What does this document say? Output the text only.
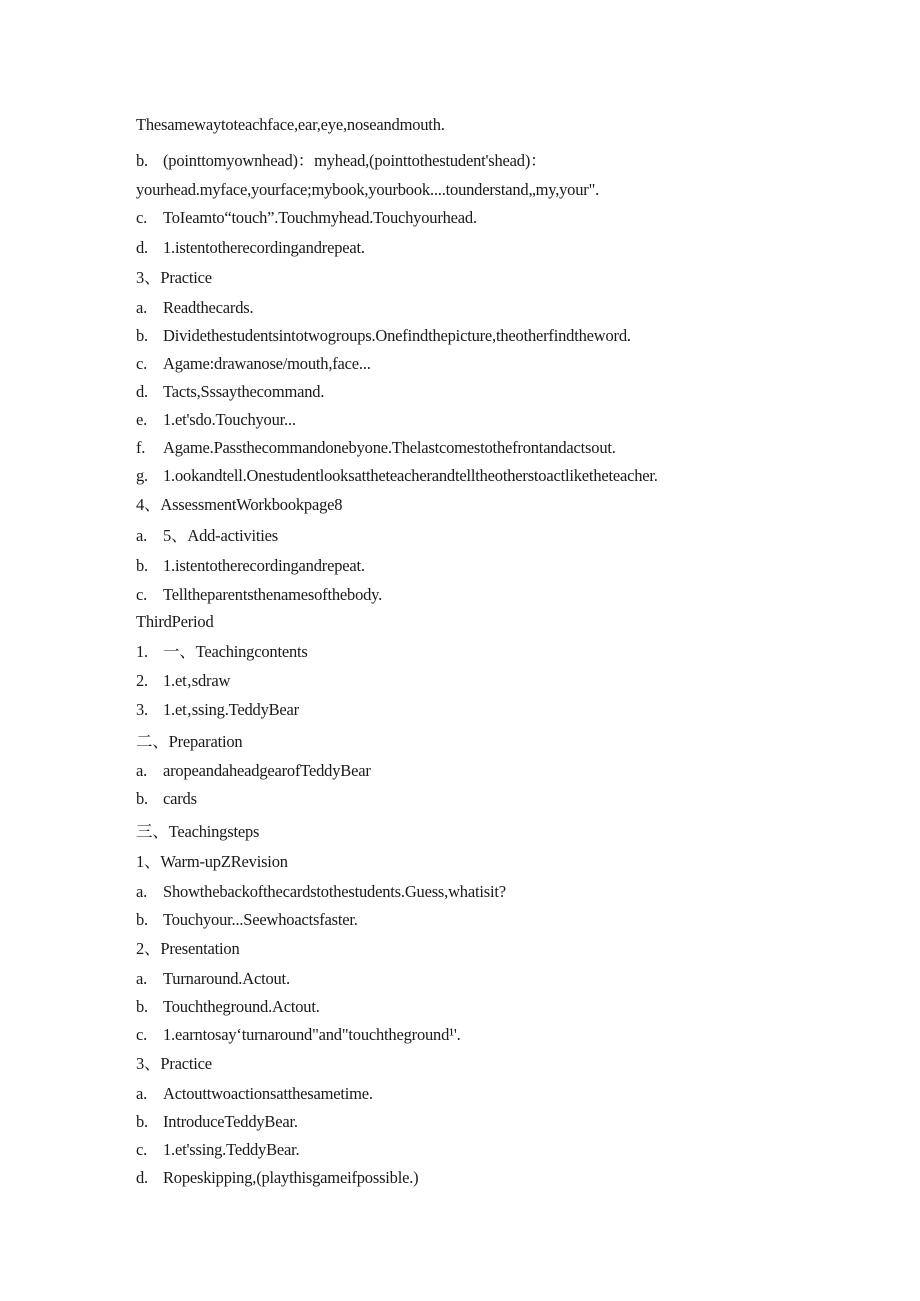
Thesamewaytoteachface,ear,eye,noseandmouth.
b. (pointtomyownhead)：myhead,(pointtothestudent'shead)：
yourhead.myface,yourface;mybook,yourbook....tounderstand„my,your".
c. ToIeamto“touch”.Touchmyhead.Touchyourhead.
d. 1.istentotherecordingandrepeat.
3、Practice
a. Readthecards.
b. Dividethestudentsintotwogroups.Onefindthepicture,theotherfindtheword.
c. Agame:drawanose/mouth,face...
d. Tacts,Sssaythecommand.
e. 1.et'sdo.Touchyour...
f. Agame.Passthecommandonebyone.Thelastcomestothefrontandactsout.
g. 1.ookandtell.Onestudentlooksattheteacherandtelltheotherstoactliketheteacher.
4、AssessmentWorkbookpage8
a. 5、Add-activities
b. 1.istentotherecordingandrepeat.
c. Telltheparentsthenamesofthebody.
ThirdPeriod
1. 一、Teachingcontents
2. 1.et‚sdraw
3. 1.et‚ssing.TeddyBear
二、Preparation
a. aropeandaheadgearofTeddyBear
b. cards
三、Teachingsteps
1、Warm-upZRevision
a. Showthebackofthecardstothestudents.Guess,whatisit?
b. Touchyour...Seewhoactsfaster.
2、Presentation
a. Turnaround.Actout.
b. Touchtheground.Actout.
c. 1.earntosay‘turnaround"and"touchtheground¹'.
3、Practice
a. Actouttwoactionsatthesametime.
b. IntroduceTeddyBear.
c. 1.et'ssing.TeddyBear.
d. Ropeskipping,(playthisgameifpossible.)
